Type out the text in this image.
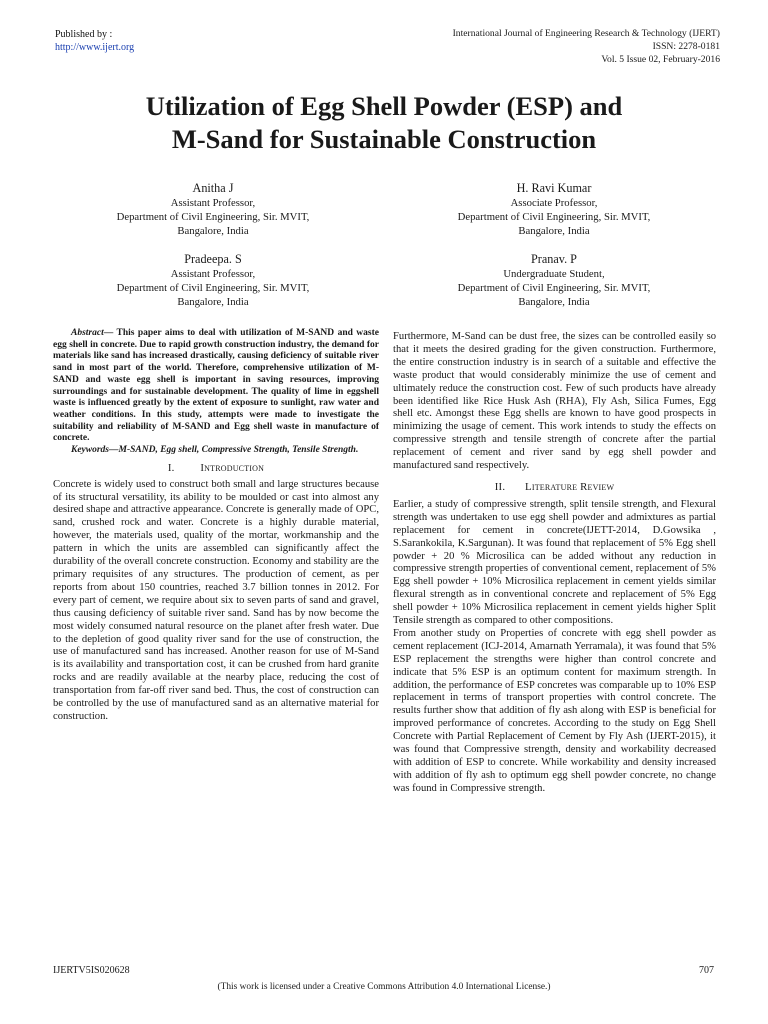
Published by :
http://www.ijert.org
International Journal of Engineering Research & Technology (IJERT)
ISSN: 2278-0181
Vol. 5 Issue 02, February-2016
Utilization of Egg Shell Powder (ESP) and
M-Sand for Sustainable Construction
Anitha J
Assistant Professor,
Department of Civil Engineering, Sir. MVIT,
Bangalore, India
H. Ravi Kumar
Associate Professor,
Department of Civil Engineering, Sir. MVIT,
Bangalore, India
Pradeepa. S
Assistant Professor,
Department of Civil Engineering, Sir. MVIT,
Bangalore, India
Pranav. P
Undergraduate Student,
Department of Civil Engineering, Sir. MVIT,
Bangalore, India

Abstract— This paper aims to deal with utilization of M-SAND and waste egg shell in concrete. Due to rapid growth construction industry, the demand for materials like sand has increased drastically, causing deficiency of suitable river sand in most part of the world. Therefore, comprehensive utilization of M-SAND and waste egg shell is important in saving resources, improving surroundings and for sustainable development. The quality of lime in eggshell waste is influenced greatly by the extent of exposure to sunlight, raw water and weather conditions. In this study, attempts were made to investigate the suitability and reliability of M-SAND and Egg shell waste in manufacture of concrete.

Keywords—M-SAND, Egg shell, Compressive Strength, Tensile Strength.

I. Introduction

Concrete is widely used to construct both small and large structures because of its structural versatility, its ability to be moulded or cast into almost any desired shape and attractive appearance. Concrete is generally made of OPC, sand, crushed rock and water. Concrete is a highly durable material, however, the materials used, quality of the mortar, workmanship and the pattern in which the units are assembled can significantly affect the durability of the overall concrete construction. Economy and stability are the primary requisites of any structures. The production of cement, as per reports from about 150 countries, reached 3.7 billion tonnes in 2012. For every part of cement, we require about six to seven parts of sand and gravel, thus causing deficiency of suitable river sand. Sand has by now become the most widely consumed natural resource on the planet after fresh water. Due to the depletion of good quality river sand for the use of construction, the use of manufactured sand has increased. Another reason for use of M-Sand is its availability and transportation cost, it can be crushed from hard granite rocks and are readily available at the nearby place, reducing the cost of transportation from far-off river sand bed. Thus, the cost of construction can be controlled by the use of manufactured sand as an alternative material for construction.

Furthermore, M-Sand can be dust free, the sizes can be controlled easily so that it meets the desired grading for the given construction. Furthermore, the entire construction industry is in search of a suitable and effective the waste product that would considerably minimize the use of cement and ultimately reduce the construction cost. Few of such products have already been identified like Rice Husk Ash (RHA), Fly Ash, Silica Fumes, Egg shell etc. Amongst these Egg shells are known to have good prospects in minimizing the usage of cement. This work intends to study the effects on compressive strength and tensile strength of concrete after the partial replacement of cement and river sand by egg shell powder and manufactured sand respectively.

II. Literature Review

Earlier, a study of compressive strength, split tensile strength, and Flexural strength was undertaken to use egg shell powder and admixtures as partial replacement for cement in concrete(IJETT-2014, D.Gowsika , S.Sarankokila, K.Sargunan). It was found that replacement of 5% Egg shell powder + 20 % Microsilica can be added without any reduction in compressive strength properties of conventional cement, replacement of 5% Egg shell powder + 10% Microsilica replacement in cement yields similar flexural strength as in conventional concrete and replacement of 5% Egg shell powder + 10% Microsilica replacement in cement yields higher Split Tensile strength as compared to other compositions.

From another study on Properties of concrete with egg shell powder as cement replacement (ICJ-2014, Amarnath Yerramala), it was found that 5% ESP replacement the strengths were higher than control concrete and indicate that 5% ESP is an optimum content for maximum strength. In addition, the performance of ESP concretes was comparable up to 10% ESP replacement in terms of transport properties with control concrete. The results further show that addition of fly ash along with ESP is beneficial for improved performance of concretes. According to the study on Egg Shell Concrete with Partial Replacement of Cement by Fly Ash (IJERT-2015), it was found that Compressive strength, density and workability decreased with addition of ESP to concrete. While workability and density increased with addition of fly ash to optimum egg shell powder concrete, no change was found in Compressive strength.

IJERTV5IS020628	707
(This work is licensed under a Creative Commons Attribution 4.0 International License.)
